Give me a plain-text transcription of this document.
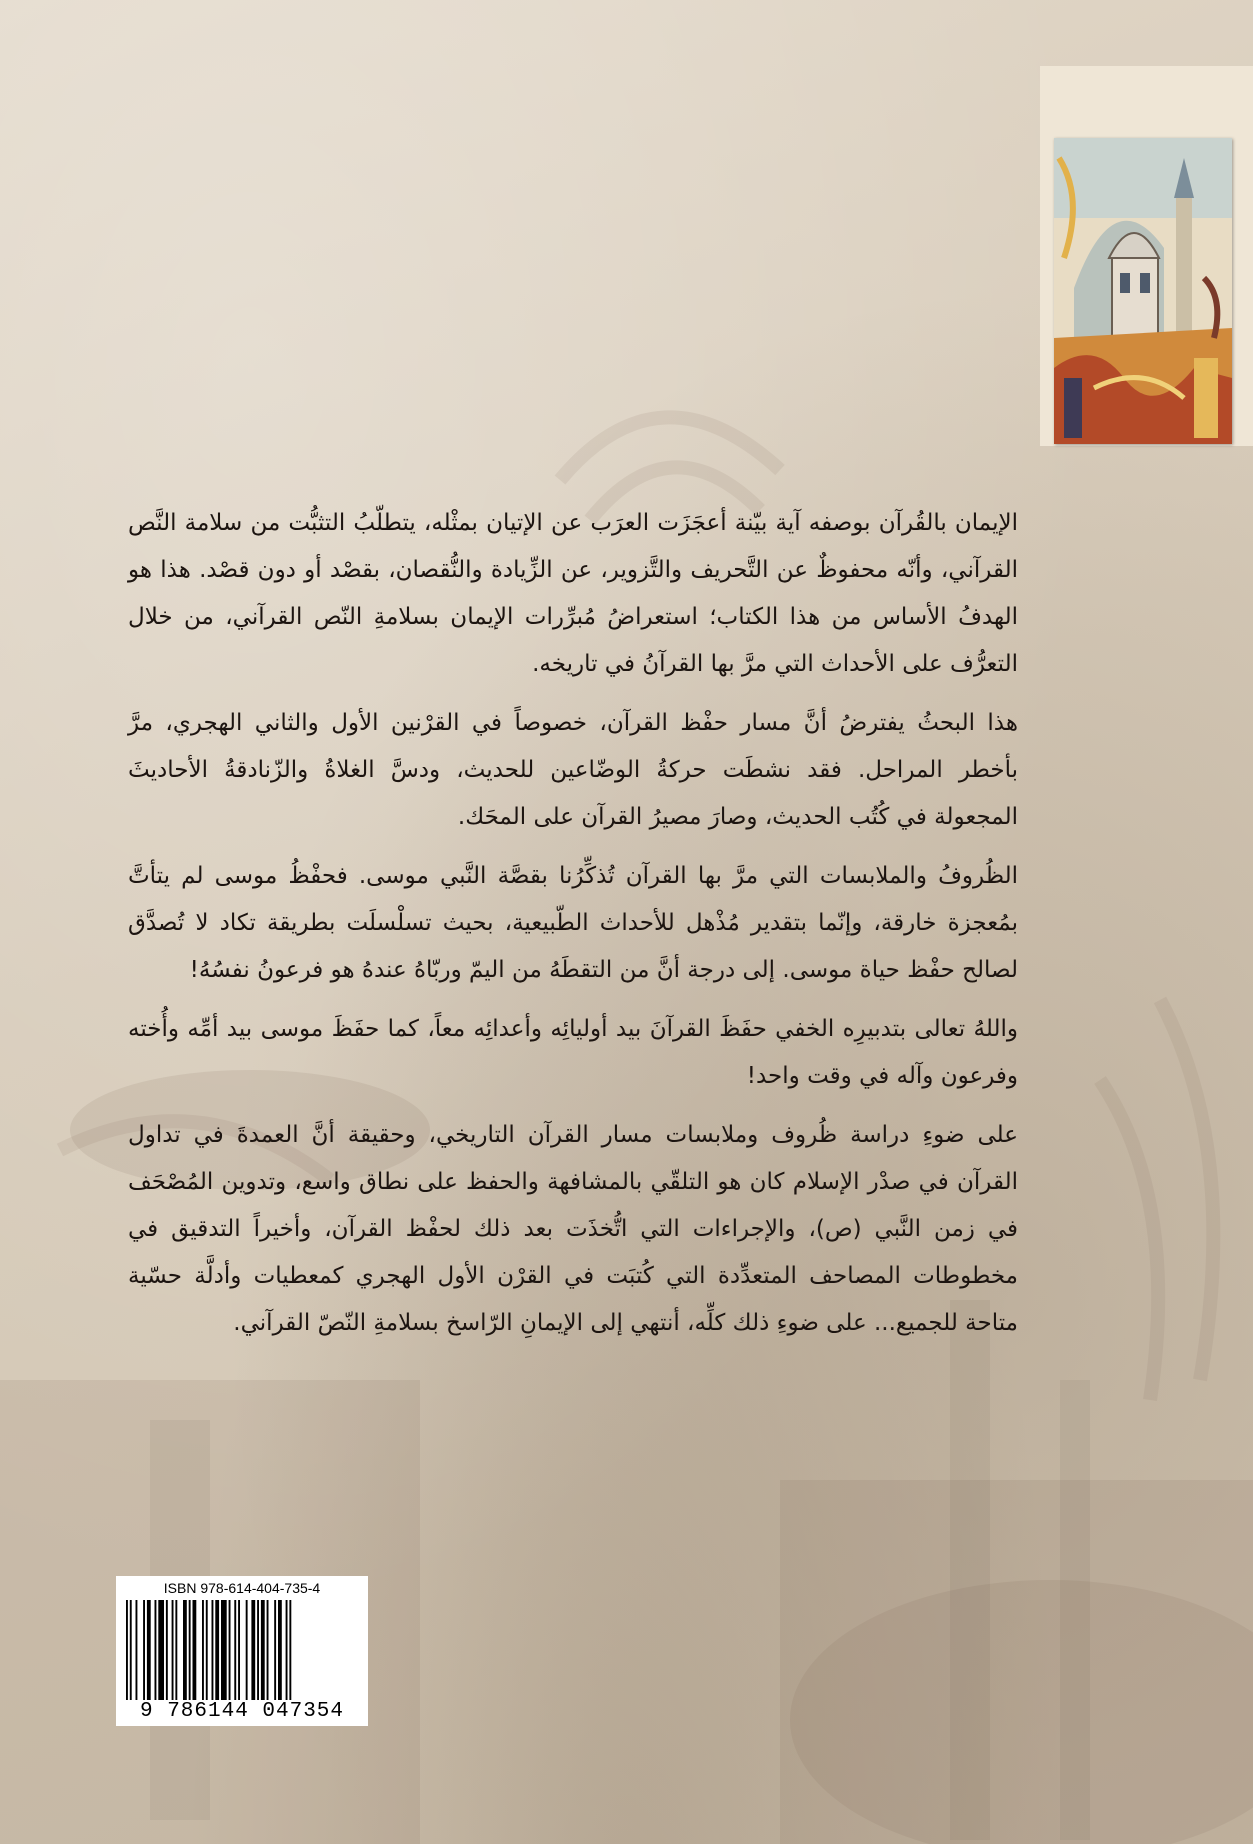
الإيمان بالقُرآن بوصفه آية بيّنة أعجَزَت العرَب عن الإتيان بمثْله، يتطلّبُ التثبُّت من سلامة النَّص القرآني، وأنّه محفوظٌ عن التَّحريف والتَّزوير، عن الزِّيادة والنُّقصان، بقصْد أو دون قصْد. هذا هو الهدفُ الأساس من هذا الكتاب؛ استعراضُ مُبرِّرات الإيمان بسلامةِ النّص القرآني، من خلال التعرُّف على الأحداث التي مرَّ بها القرآنُ في تاريخه.

هذا البحثُ يفترضُ أنَّ مسار حفْظ القرآن، خصوصاً في القرْنين الأول والثاني الهجري، مرَّ بأخطر المراحل. فقد نشطَت حركةُ الوضّاعين للحديث، ودسَّ الغلاةُ والزّنادقةُ الأحاديثَ المجعولة في كُتُب الحديث، وصارَ مصيرُ القرآن على المحَك.

الظُروفُ والملابسات التي مرَّ بها القرآن تُذكِّرُنا بقصَّة النَّبي موسى. فحفْظُ موسى لم يتأتَّ بمُعجزة خارقة، وإنّما بتقدير مُذْهل للأحداث الطّبيعية، بحيث تسلْسلَت بطريقة تكاد لا تُصدَّق لصالح حفْظ حياة موسى. إلى درجة أنَّ من التقطَهُ من اليمّ وربّاهُ عندهُ هو فرعونُ نفسُهُ!

واللهُ تعالى بتدبيرِه الخفي حفَظَ القرآنَ بيد أوليائِه وأعدائِه معاً، كما حفَظَ موسى بيد أمِّه وأُخته وفرعون وآله في وقت واحد!

على ضوءِ دراسة ظُروف وملابسات مسار القرآن التاريخي، وحقيقة أنَّ العمدةَ في تداول القرآن في صدْر الإسلام كان هو التلقّي بالمشافهة والحفظ على نطاق واسع، وتدوين المُصْحَف في زمن النَّبي (ص)، والإجراءات التي اتُّخذَت بعد ذلك لحفْظ القرآن، وأخيراً التدقيق في مخطوطات المصاحف المتعدِّدة التي كُتبَت في القرْن الأول الهجري كمعطيات وأدلَّة حسّية متاحة للجميع... على ضوءِ ذلك كلِّه، أنتهي إلى الإيمانِ الرّاسخ بسلامةِ النّصّ القرآني.

ISBN 978-614-404-735-4
9 786144 047354
